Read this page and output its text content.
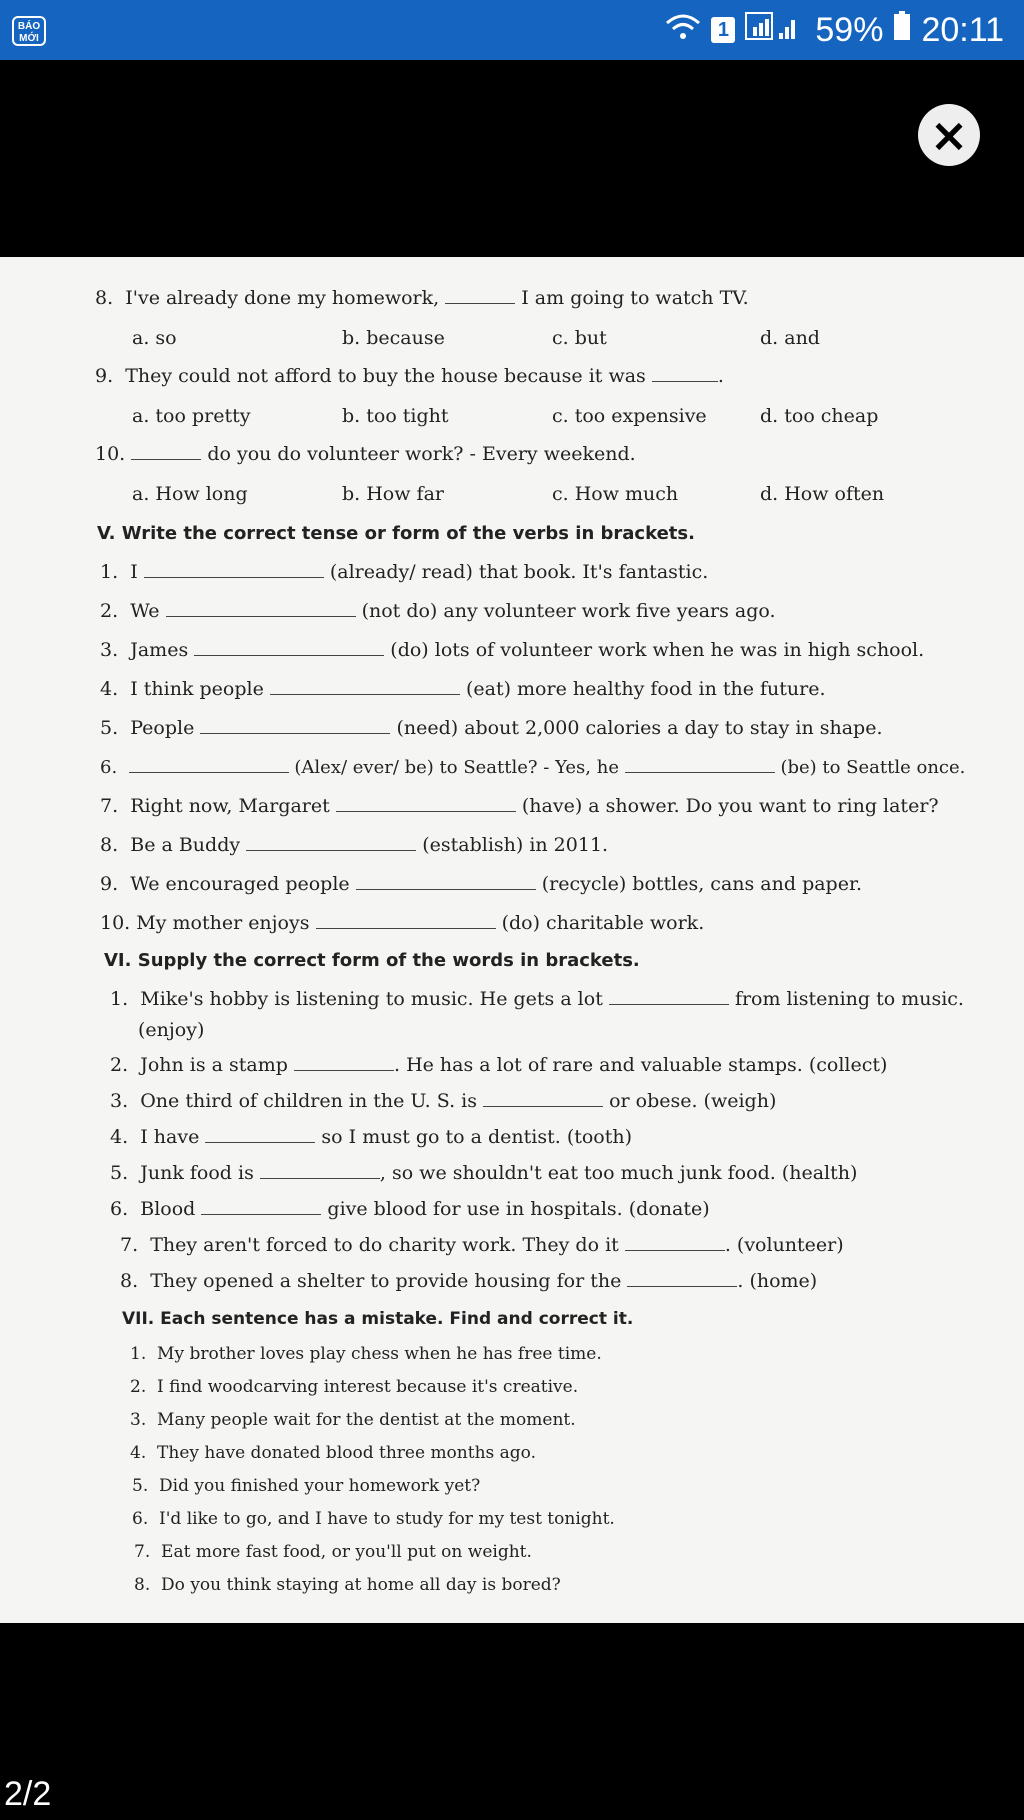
BÁO MỚI	1	59% 20:11
×
8. I've already done my homework,	I am going to watch TV.
a. so	b. because	c. but	d. and
9. They could not afford to buy the house because it was	.
a. too pretty	b. too tight	c. too expensive	d. too cheap
10.	do you do volunteer work? - Every weekend.
a. How long	b. How far	c. How much	d. How often
V. Write the correct tense or form of the verbs in brackets.
1. I	(already/ read) that book. It's fantastic.
2. We	(not do) any volunteer work five years ago.
3. James	(do) lots of volunteer work when he was in high school.
4. I think people	(eat) more healthy food in the future.
5. People	(need) about 2,000 calories a day to stay in shape.
6.	(Alex/ ever/ be) to Seattle? - Yes, he	(be) to Seattle once.
7. Right now, Margaret	(have) a shower. Do you want to ring later?
8. Be a Buddy	(establish) in 2011.
9. We encouraged people	(recycle) bottles, cans and paper.
10. My mother enjoys	(do) charitable work.
VI. Supply the correct form of the words in brackets.
1. Mike's hobby is listening to music. He gets a lot	from listening to music.
(enjoy)
2. John is a stamp	. He has a lot of rare and valuable stamps. (collect)
3. One third of children in the U. S. is	or obese. (weigh)
4. I have	so I must go to a dentist. (tooth)
5. Junk food is	, so we shouldn't eat too much junk food. (health)
6. Blood	give blood for use in hospitals. (donate)
7. They aren't forced to do charity work. They do it	. (volunteer)
8. They opened a shelter to provide housing for the	. (home)
VII. Each sentence has a mistake. Find and correct it.
1. My brother loves play chess when he has free time.
2. I find woodcarving interest because it's creative.
3. Many people wait for the dentist at the moment.
4. They have donated blood three months ago.
5. Did you finished your homework yet?
6. I'd like to go, and I have to study for my test tonight.
7. Eat more fast food, or you'll put on weight.
8. Do you think staying at home all day is bored?
2/2
